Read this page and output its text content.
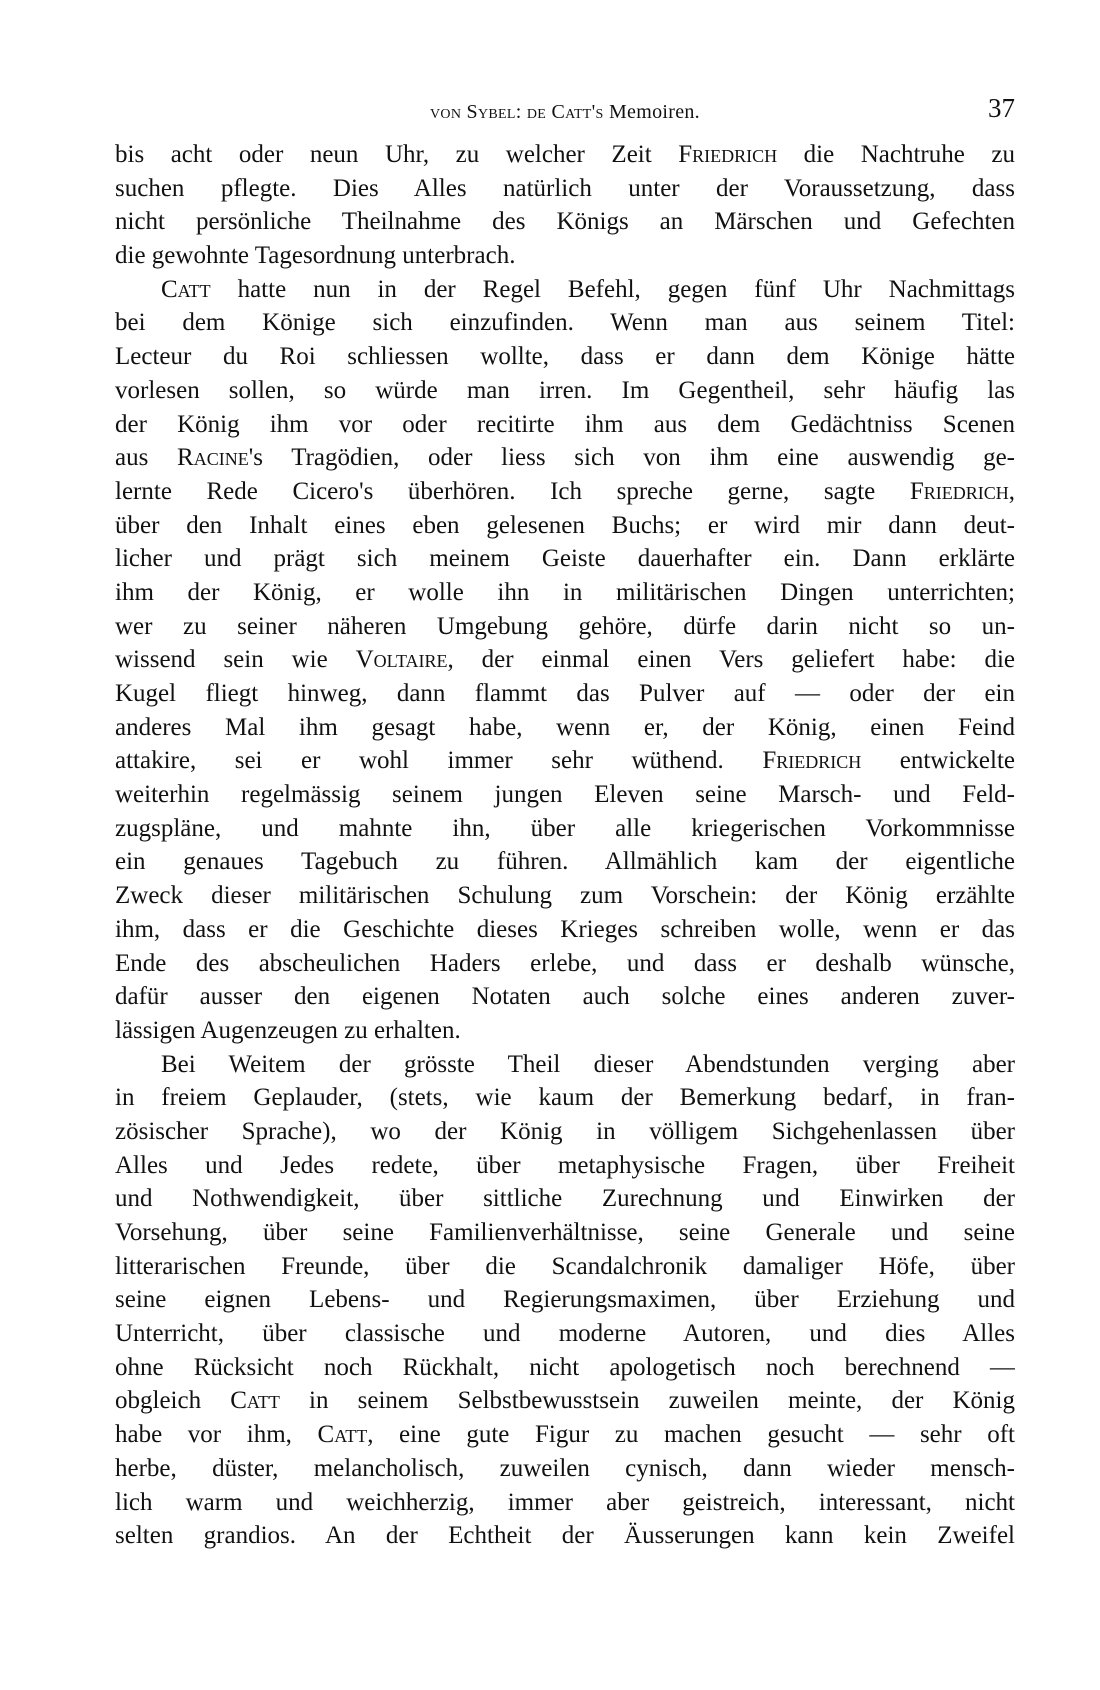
von Sybel: de Catt's Memoiren.	37
bis acht oder neun Uhr, zu welcher Zeit Friedrich die Nachtruhe zu
suchen pflegte. Dies Alles natürlich unter der Voraussetzung, dass
nicht persönliche Theilnahme des Königs an Märschen und Gefechten
die gewohnte Tagesordnung unterbrach.
Catt hatte nun in der Regel Befehl, gegen fünf Uhr Nachmittags
bei dem Könige sich einzufinden. Wenn man aus seinem Titel:
Lecteur du Roi schliessen wollte, dass er dann dem Könige hätte
vorlesen sollen, so würde man irren. Im Gegentheil, sehr häufig las
der König ihm vor oder recitirte ihm aus dem Gedächtniss Scenen
aus Racine's Tragödien, oder liess sich von ihm eine auswendig ge-
lernte Rede Cicero's überhören. Ich spreche gerne, sagte Friedrich,
über den Inhalt eines eben gelesenen Buchs; er wird mir dann deut-
licher und prägt sich meinem Geiste dauerhafter ein. Dann erklärte
ihm der König, er wolle ihn in militärischen Dingen unterrichten;
wer zu seiner näheren Umgebung gehöre, dürfe darin nicht so un-
wissend sein wie Voltaire, der einmal einen Vers geliefert habe: die
Kugel fliegt hinweg, dann flammt das Pulver auf — oder der ein
anderes Mal ihm gesagt habe, wenn er, der König, einen Feind
attakire, sei er wohl immer sehr wüthend. Friedrich entwickelte
weiterhin regelmässig seinem jungen Eleven seine Marsch- und Feld-
zugspläne, und mahnte ihn, über alle kriegerischen Vorkommnisse
ein genaues Tagebuch zu führen. Allmählich kam der eigentliche
Zweck dieser militärischen Schulung zum Vorschein: der König erzählte
ihm, dass er die Geschichte dieses Krieges schreiben wolle, wenn er das
Ende des abscheulichen Haders erlebe, und dass er deshalb wünsche,
dafür ausser den eigenen Notaten auch solche eines anderen zuver-
lässigen Augenzeugen zu erhalten.
Bei Weitem der grösste Theil dieser Abendstunden verging aber
in freiem Geplauder, (stets, wie kaum der Bemerkung bedarf, in fran-
zösischer Sprache), wo der König in völligem Sichgehenlassen über
Alles und Jedes redete, über metaphysische Fragen, über Freiheit
und Nothwendigkeit, über sittliche Zurechnung und Einwirken der
Vorsehung, über seine Familienverhältnisse, seine Generale und seine
litterarischen Freunde, über die Scandalchronik damaliger Höfe, über
seine eignen Lebens- und Regierungsmaximen, über Erziehung und
Unterricht, über classische und moderne Autoren, und dies Alles
ohne Rücksicht noch Rückhalt, nicht apologetisch noch berechnend —
obgleich Catt in seinem Selbstbewusstsein zuweilen meinte, der König
habe vor ihm, Catt, eine gute Figur zu machen gesucht — sehr oft
herbe, düster, melancholisch, zuweilen cynisch, dann wieder mensch-
lich warm und weichherzig, immer aber geistreich, interessant, nicht
selten grandios. An der Echtheit der Äusserungen kann kein Zweifel
